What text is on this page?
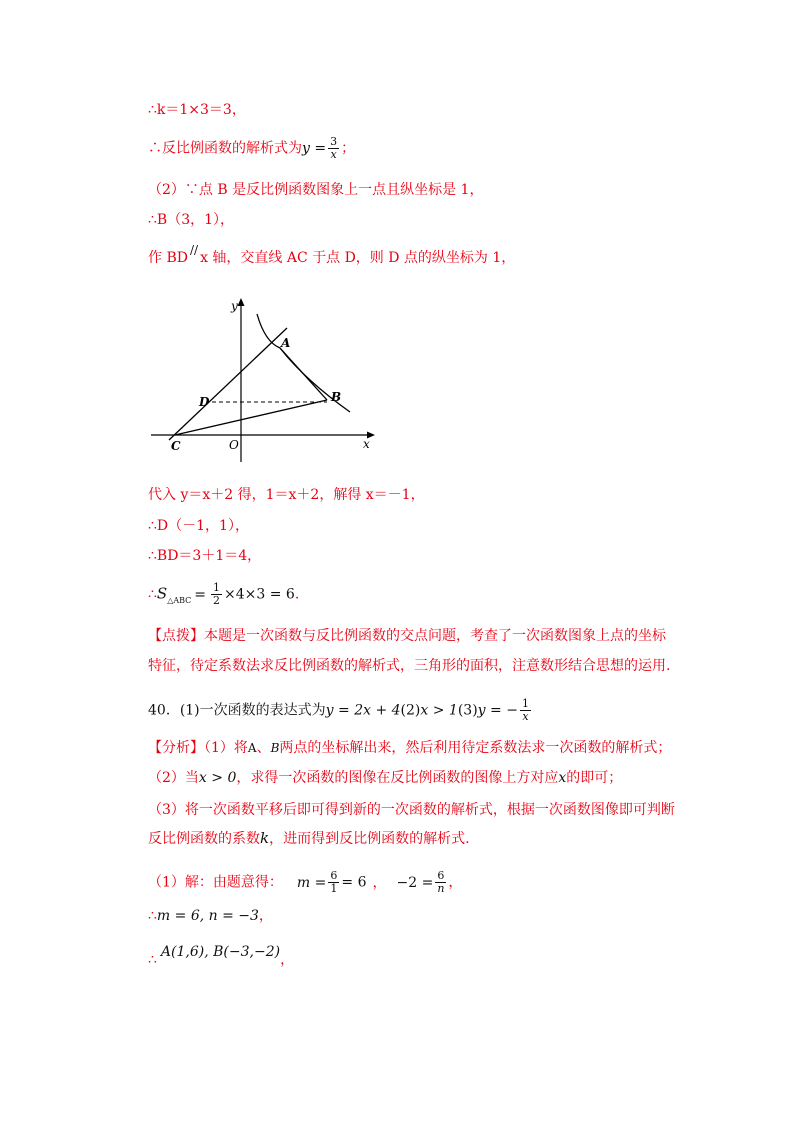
∴k＝1×3＝3，
∴反比例函数的解析式为$y = \frac{3}{x}$ ；
（2）∵点 B 是反比例函数图象上一点且纵坐标是 1，
∴B（3，1），
作 BD // x 轴，交直线 AC 于点 D，则 D 点的纵坐标为 1，
y
x
O
A
B
C
D
代入 y＝x＋2 得，1＝x＋2，解得 x＝－1，
∴D（－1，1），
∴BD＝3＋1＝4，
$\therefore S_{\triangle ABC} = \frac{1}{2} \times 4\times 3 = 6$.
【点拨】本题是一次函数与反比例函数的交点问题，考查了一次函数图象上点的坐标
特征，待定系数法求反比例函数的解析式，三角形的面积，注意数形结合思想的运用.
40．(1)一次函数的表达式为y = 2x + 4(2)x > 1(3)y = − $\frac{1}{x}$
【分析】（1）将A、B两点的坐标解出来，然后利用待定系数法求一次函数的解析式；
（2）当x > 0，求得一次函数的图像在反比例函数的图像上方对应x的即可；
（3）将一次函数平移后即可得到新的一次函数的解析式，根据一次函数图像即可判断
反比例函数的系数k，进而得到反比例函数的解析式.
（1）解：由题意得： $m = \frac{6}{1} = 6$ ， $-2 = \frac{6}{n}$ ，
∴m = 6, n = −3，
∴ A(1,6), B(−3,−2)，
